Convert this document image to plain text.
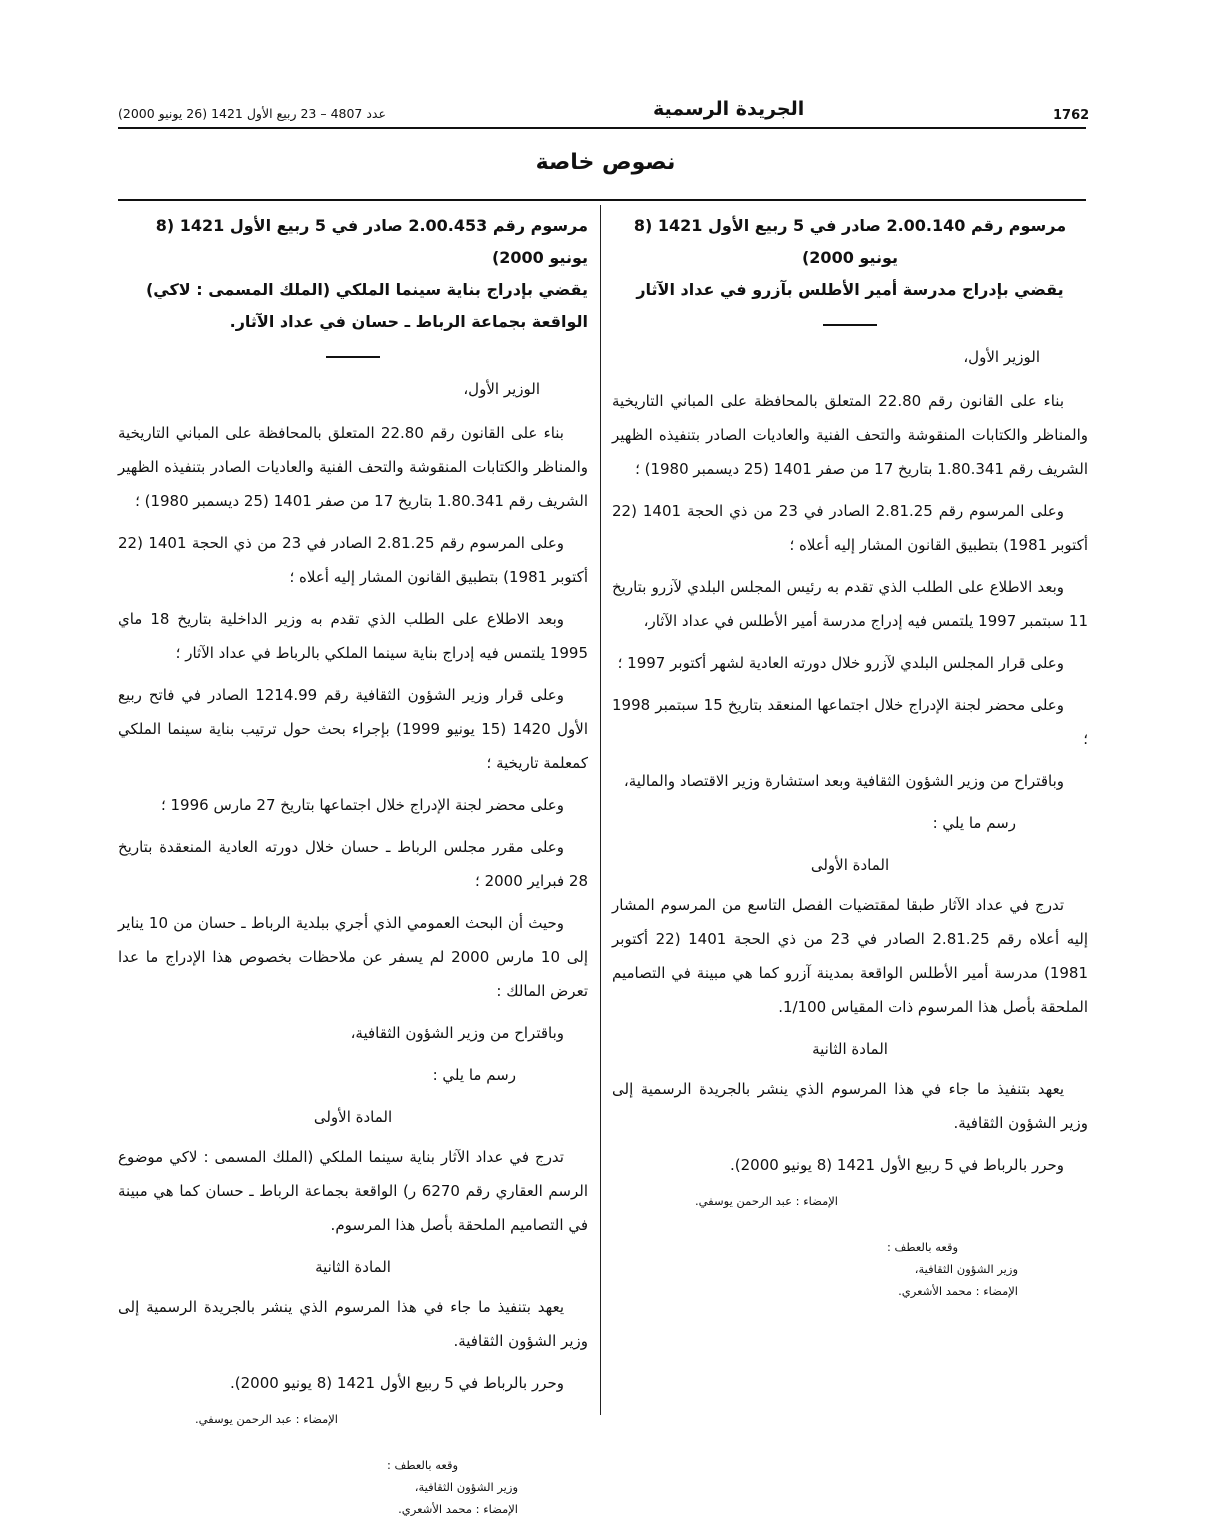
1762
الجريدة الرسمية
عدد 4807 – 23 ربيع الأول 1421 (26 يونيو 2000)
نصوص خاصة
مرسوم رقم 2.00.140 صادر في 5 ربيع الأول 1421 (8 يونيو 2000)
يقضي بإدراج مدرسة أمير الأطلس بآزرو في عداد الآثار

الوزير الأول،

بناء على القانون رقم 22.80 المتعلق بالمحافظة على المباني التاريخية والمناظر والكتابات المنقوشة والتحف الفنية والعاديات الصادر بتنفيذه الظهير الشريف رقم 1.80.341 بتاريخ 17 من صفر 1401 (25 ديسمبر 1980) ؛

وعلى المرسوم رقم 2.81.25 الصادر في 23 من ذي الحجة 1401 (22 أكتوبر 1981) بتطبيق القانون المشار إليه أعلاه ؛

وبعد الاطلاع على الطلب الذي تقدم به رئيس المجلس البلدي لآزرو بتاريخ 11 سبتمبر 1997 يلتمس فيه إدراج مدرسة أمير الأطلس في عداد الآثار،

وعلى قرار المجلس البلدي لآزرو خلال دورته العادية لشهر أكتوبر 1997 ؛

وعلى محضر لجنة الإدراج خلال اجتماعها المنعقد بتاريخ 15 سبتمبر 1998 ؛

وباقتراح من وزير الشؤون الثقافية وبعد استشارة وزير الاقتصاد والمالية،

رسم ما يلي :

المادة الأولى

تدرج في عداد الآثار طبقا لمقتضيات الفصل التاسع من المرسوم المشار إليه أعلاه رقم 2.81.25 الصادر في 23 من ذي الحجة 1401 (22 أكتوبر 1981) مدرسة أمير الأطلس الواقعة بمدينة آزرو كما هي مبينة في التصاميم الملحقة بأصل هذا المرسوم ذات المقياس 1/100.

المادة الثانية

يعهد بتنفيذ ما جاء في هذا المرسوم الذي ينشر بالجريدة الرسمية إلى وزير الشؤون الثقافية.

وحرر بالرباط في 5 ربيع الأول 1421 (8 يونيو 2000).

الإمضاء : عبد الرحمن يوسفي.

وقعه بالعطف :

وزير الشؤون الثقافية،

الإمضاء : محمد الأشعري.

مرسوم رقم 2.00.453 صادر في 5 ربيع الأول 1421 (8 يونيو 2000)
يقضي بإدراج بناية سينما الملكي (الملك المسمى : لاكي)
الواقعة بجماعة الرباط ـ حسان في عداد الآثار.

الوزير الأول،

بناء على القانون رقم 22.80 المتعلق بالمحافظة على المباني التاريخية والمناظر والكتابات المنقوشة والتحف الفنية والعاديات الصادر بتنفيذه الظهير الشريف رقم 1.80.341 بتاريخ 17 من صفر 1401 (25 ديسمبر 1980) ؛

وعلى المرسوم رقم 2.81.25 الصادر في 23 من ذي الحجة 1401 (22 أكتوبر 1981) بتطبيق القانون المشار إليه أعلاه ؛

وبعد الاطلاع على الطلب الذي تقدم به وزير الداخلية بتاريخ 18 ماي 1995 يلتمس فيه إدراج بناية سينما الملكي بالرباط في عداد الآثار ؛

وعلى قرار وزير الشؤون الثقافية رقم 1214.99 الصادر في فاتح ربيع الأول 1420 (15 يونيو 1999) بإجراء بحث حول ترتيب بناية سينما الملكي كمعلمة تاريخية ؛

وعلى محضر لجنة الإدراج خلال اجتماعها بتاريخ 27 مارس 1996 ؛

وعلى مقرر مجلس الرباط ـ حسان خلال دورته العادية المنعقدة بتاريخ 28 فبراير 2000 ؛

وحيث أن البحث العمومي الذي أجري ببلدية الرباط ـ حسان من 10 يناير إلى 10 مارس 2000 لم يسفر عن ملاحظات بخصوص هذا الإدراج ما عدا تعرض المالك :

وباقتراح من وزير الشؤون الثقافية،

رسم ما يلي :

المادة الأولى

تدرج في عداد الآثار بناية سينما الملكي (الملك المسمى : لاكي موضوع الرسم العقاري رقم 6270 ر) الواقعة بجماعة الرباط ـ حسان كما هي مبينة في التصاميم الملحقة بأصل هذا المرسوم.

المادة الثانية

يعهد بتنفيذ ما جاء في هذا المرسوم الذي ينشر بالجريدة الرسمية إلى وزير الشؤون الثقافية.

وحرر بالرباط في 5 ربيع الأول 1421 (8 يونيو 2000).

الإمضاء : عبد الرحمن يوسفي.

وقعه بالعطف :

وزير الشؤون الثقافية،

الإمضاء : محمد الأشعري.
